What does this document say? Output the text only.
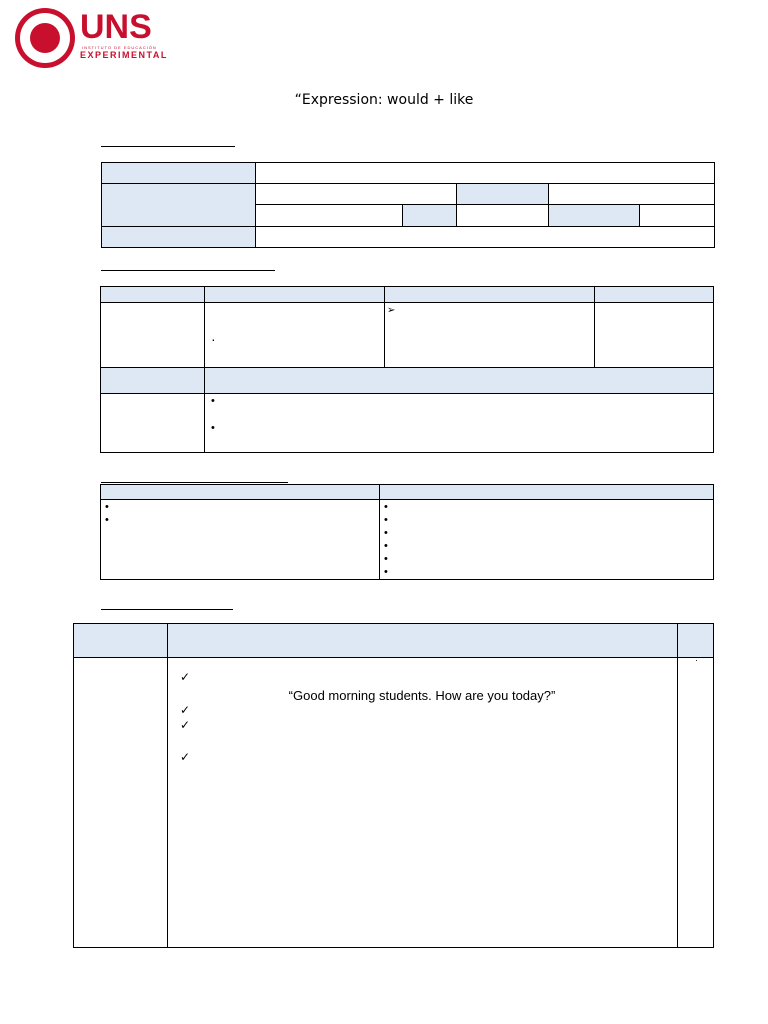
UNS
INSTITUTO DE EDUCACIÓN
EXPERIMENTAL
“Expression: would + like
·
➢
•
•
•
•
•
•
•
•
•
•
✓
“Good morning students. How are you today?”
✓
✓
✓
·
